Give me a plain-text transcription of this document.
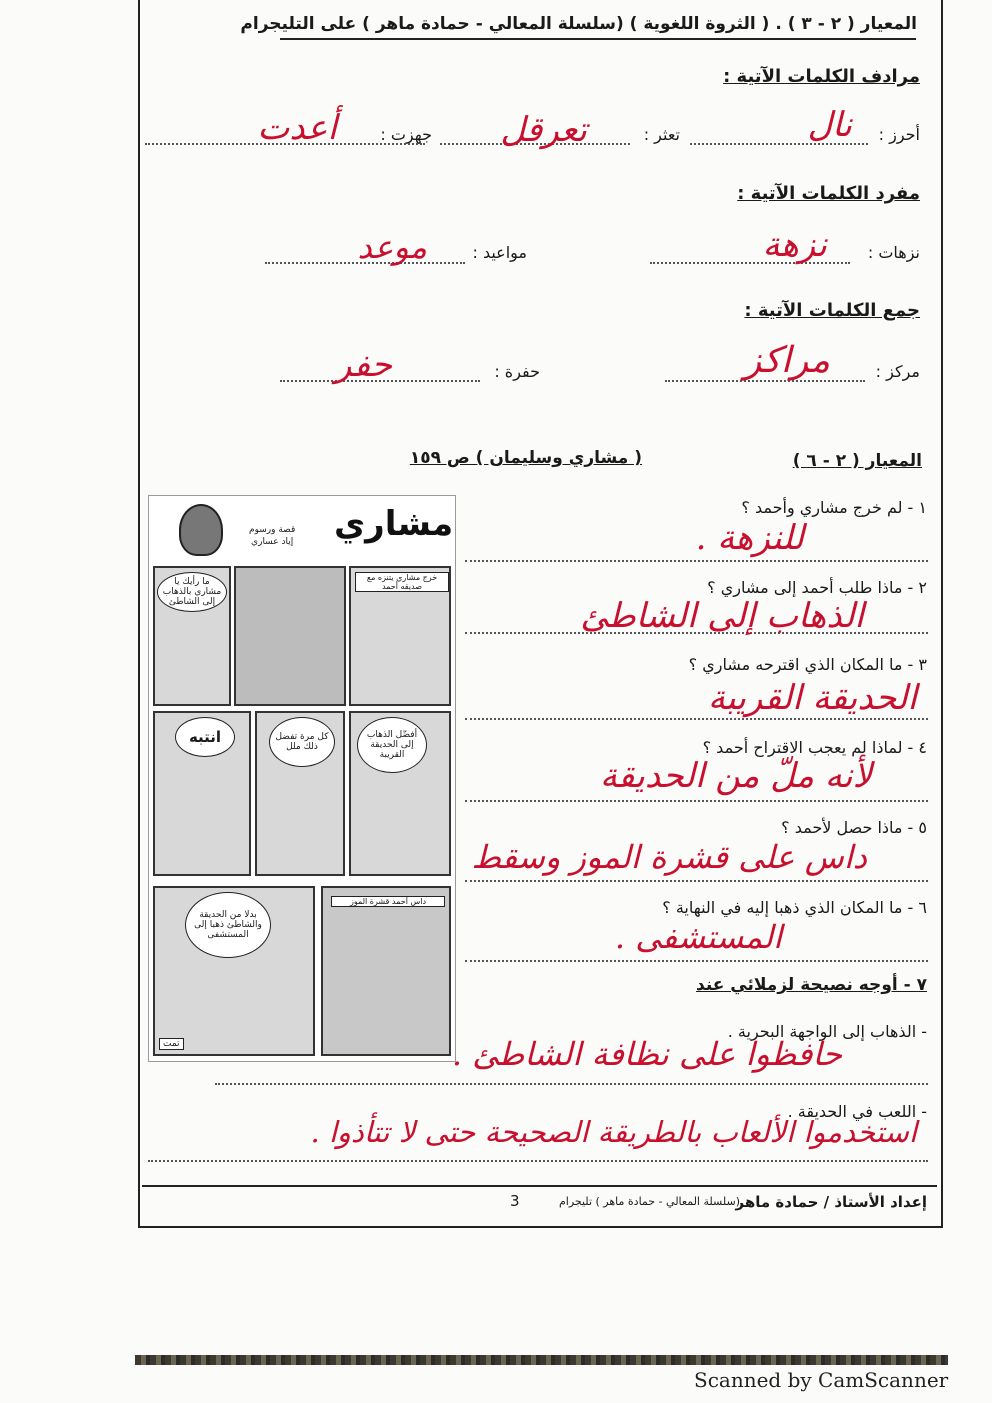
المعيار ( ٢ - ٣ ) . ( الثروة اللغوية ) (سلسلة المعالي - حمادة ماهر ) على التليجرام
مرادف الكلمات الآتية :
أحرز :
نال
تعثر :
تعرقل
جهزت :
أعدت
مفرد الكلمات الآتية :
نزهات :
نزهة
مواعيد :
موعد
جمع الكلمات الآتية :
مركز :
مراكز
حفرة :
حفر
المعيار ( ٢ - ٦ )
( مشاري وسليمان ) ص ١٥٩
مشاري
قصة ورسوم
إياد عساري
ما رأيك يا مشاري بالذهاب إلى الشاطئ
خرج مشاري يتنزه مع صديقه أحمد
انتبه	كل مرة تفضل ذلك ملل
أفضّل الذهاب إلى الحديقة القريبة
بدلا من الحديقة والشاطئ ذهبا إلى المستشفى
تمت
داس أحمد قشرة الموز
١ - لم خرج مشاري وأحمد ؟
للنزهة .
٢ - ماذا طلب أحمد إلى مشاري ؟
الذهاب إلى الشاطئ
٣ - ما المكان الذي اقترحه مشاري ؟
الحديقة القريبة
٤ - لماذا لم يعجب الاقتراح أحمد ؟
لأنه ملّ من الحديقة
٥ - ماذا حصل لأحمد ؟
داس على قشرة الموز وسقط
٦ - ما المكان الذي ذهبا إليه في النهاية ؟
المستشفى .
٧ - أوجه نصيحة لزملائي عند
- الذهاب إلى الواجهة البحرية .
حافظوا على نظافة الشاطئ .
- اللعب في الحديقة .
استخدموا الألعاب بالطريقة الصحيحة حتى لا تتأذوا .
إعداد الأستاذ / حمادة ماهر
(سلسلة المعالي - حمادة ماهر ) تليجرام
3
Scanned by CamScanner
